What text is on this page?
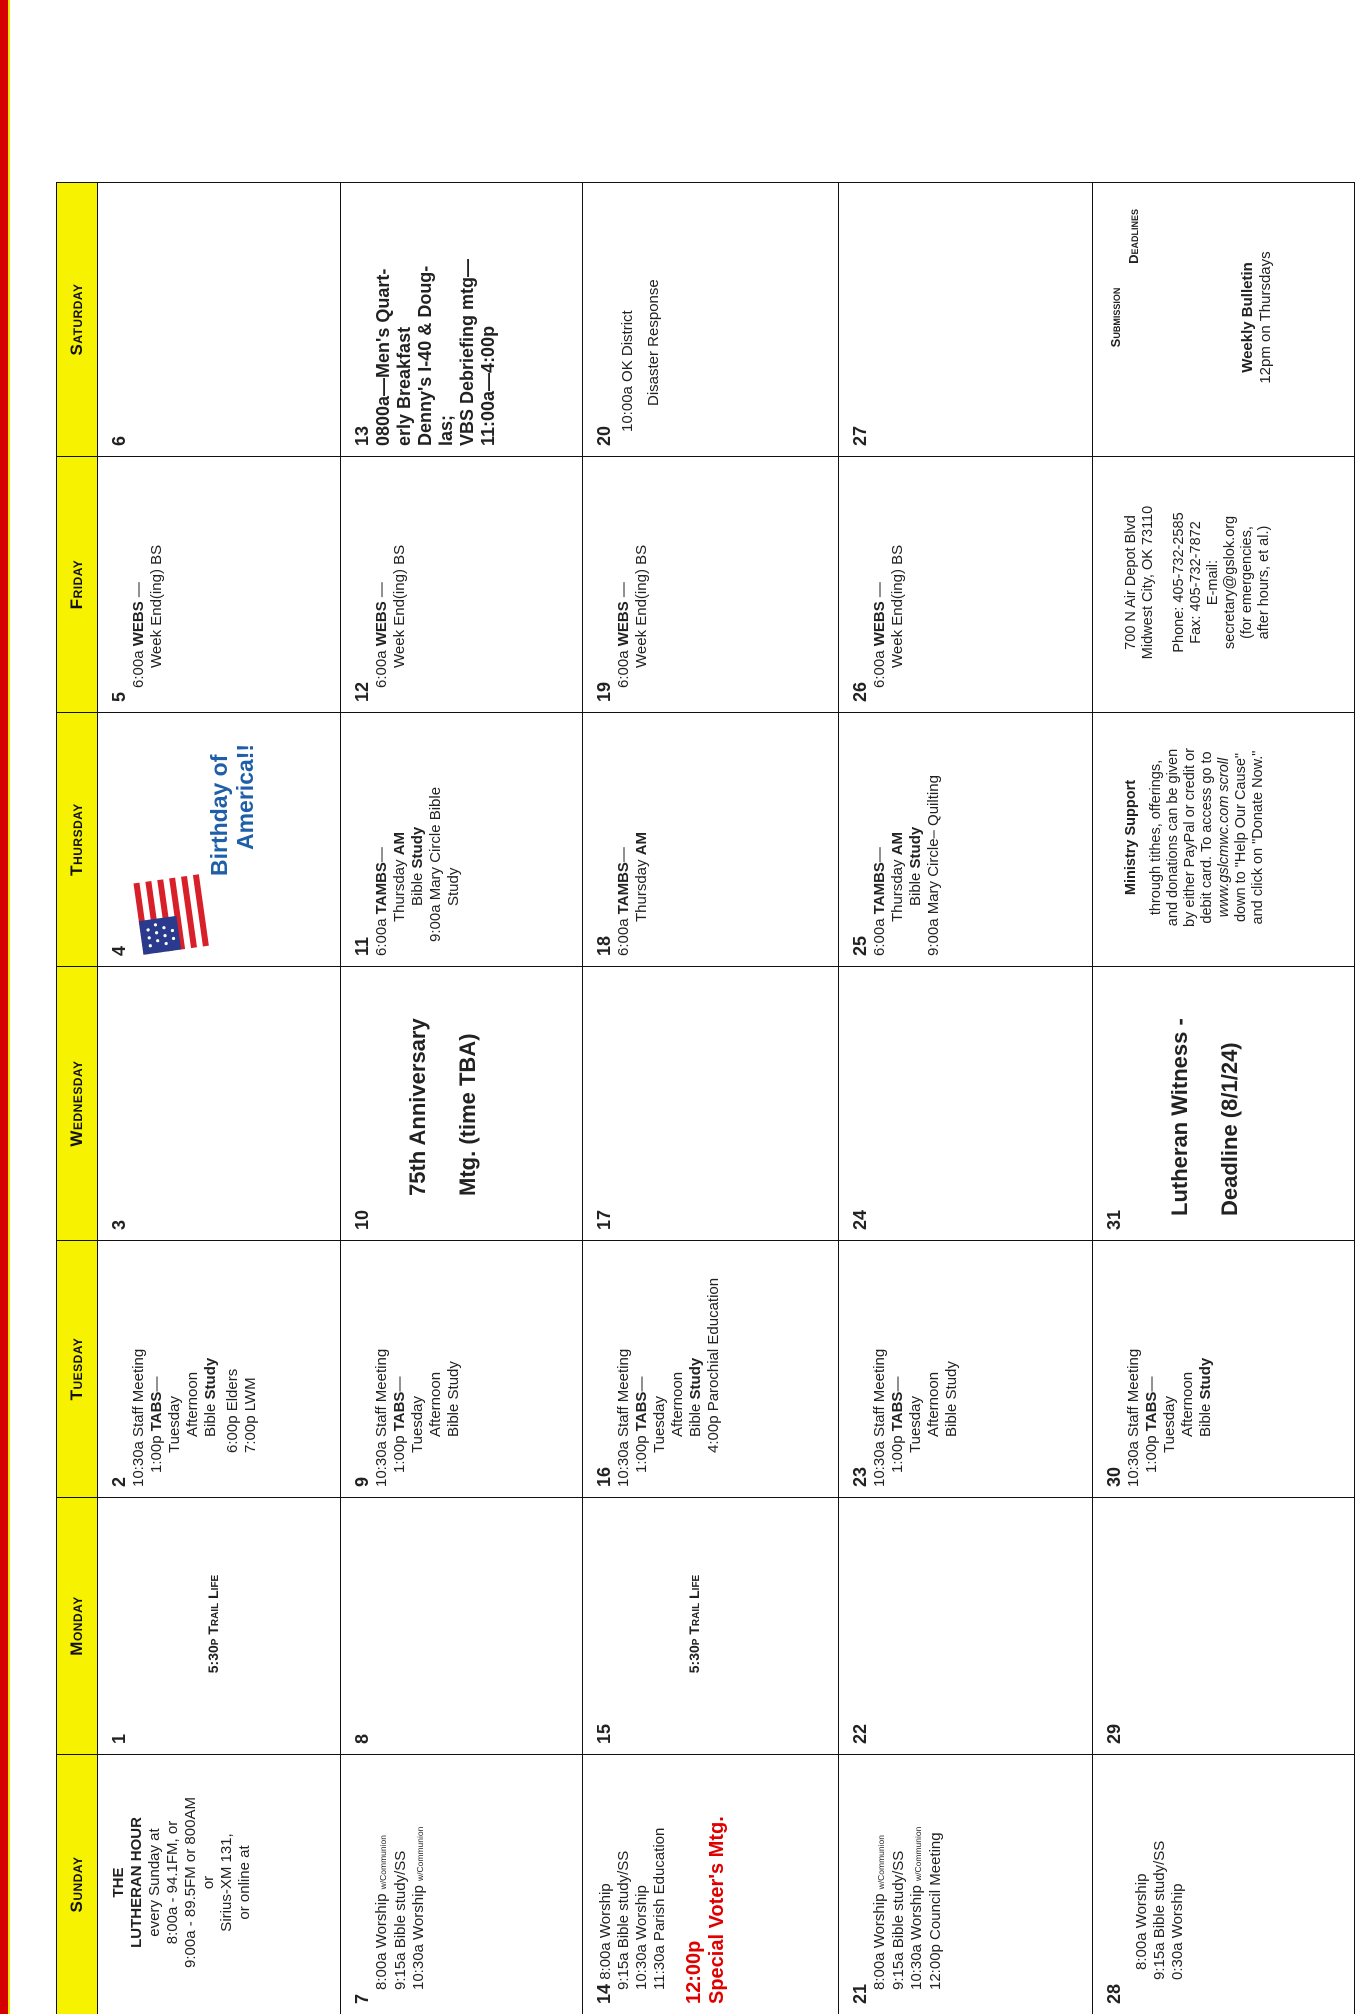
Sunday
Monday
Tuesday
Wednesday
Thursday
Friday
Saturday
THE LUTHERAN HOUR every Sunday at 8:00a - 94.1FM, or 9:00a - 89.5FM or 800AM or Sirius-XM 131, or online at
1
5:30p Trail Life
2 10:30a Staff Meeting 1:00p TABS—
Tuesday Afternoon Bible Study 6:00p Elders 7:00p LWM
3
4
Birthday of America!!
5
6:00a WEBS — Week End(ing) BS
6
7
8:00a Worship w/Communion 9:15a Bible study/SS 10:30a Worship w/Communion
8
9 10:30a Staff Meeting 1:00p TABS—
Tuesday Afternoon Bible Study
10
75th Anniversary Mtg. (time TBA)
11 6:00a TAMBS—
Thursday AM
Bible Study 9:00a Mary Circle Bible Study
12
6:00a WEBS — Week End(ing) BS
13 0800a—Men's Quart- erly Breakfast Denny's I-40 & Doug- las; VBS Debriefing mtg— 11:00a—4:00p
14 8:00a Worship 9:15a Bible study/SS 10:30a Worship 11:30a Parish Education 12:00p Special Voter's Mtg.
15
5:30p Trail Life
16 10:30a Staff Meeting 1:00p TABS—
Tuesday Afternoon Bible Study 4:00p Parochial Education
17
18 6:00a TAMBS—
Thursday AM
19
6:00a WEBS — Week End(ing) BS
20
10:00a OK District Disaster Response
21
8:00a Worship w/Communion 9:15a Bible study/SS 10:30a Worship w/Communion 12:00p Council Meeting
22
23 10:30a Staff Meeting 1:00p TABS—
Tuesday Afternoon Bible Study
24
25 6:00a TAMBS—
Thursday AM
Bible Study 9:00a Mary Circle– Quilting
26
6:00a WEBS — Week End(ing) BS
27
28
8:00a Worship 9:15a Bible study/SS 0:30a Worship
29
30 10:30a Staff Meeting 1:00p TABS—
Tuesday Afternoon Bible Study
31
Lutheran Witness - Deadline (8/1/24)
Ministry Support through tithes, offerings, and donations can be given by either PayPal or credit or debit card. To access go to www.gslcmwc.com scroll down to "Help Our Cause" and click on "Donate Now."
700 N Air Depot Blvd Midwest City, OK 73110 Phone: 405-732-2585 Fax: 405-732-7872 E-mail: secretary@gslok.org (for emergencies, after hours, et al.)
Submission
Deadlines
Weekly Bulletin 12pm on Thursdays
